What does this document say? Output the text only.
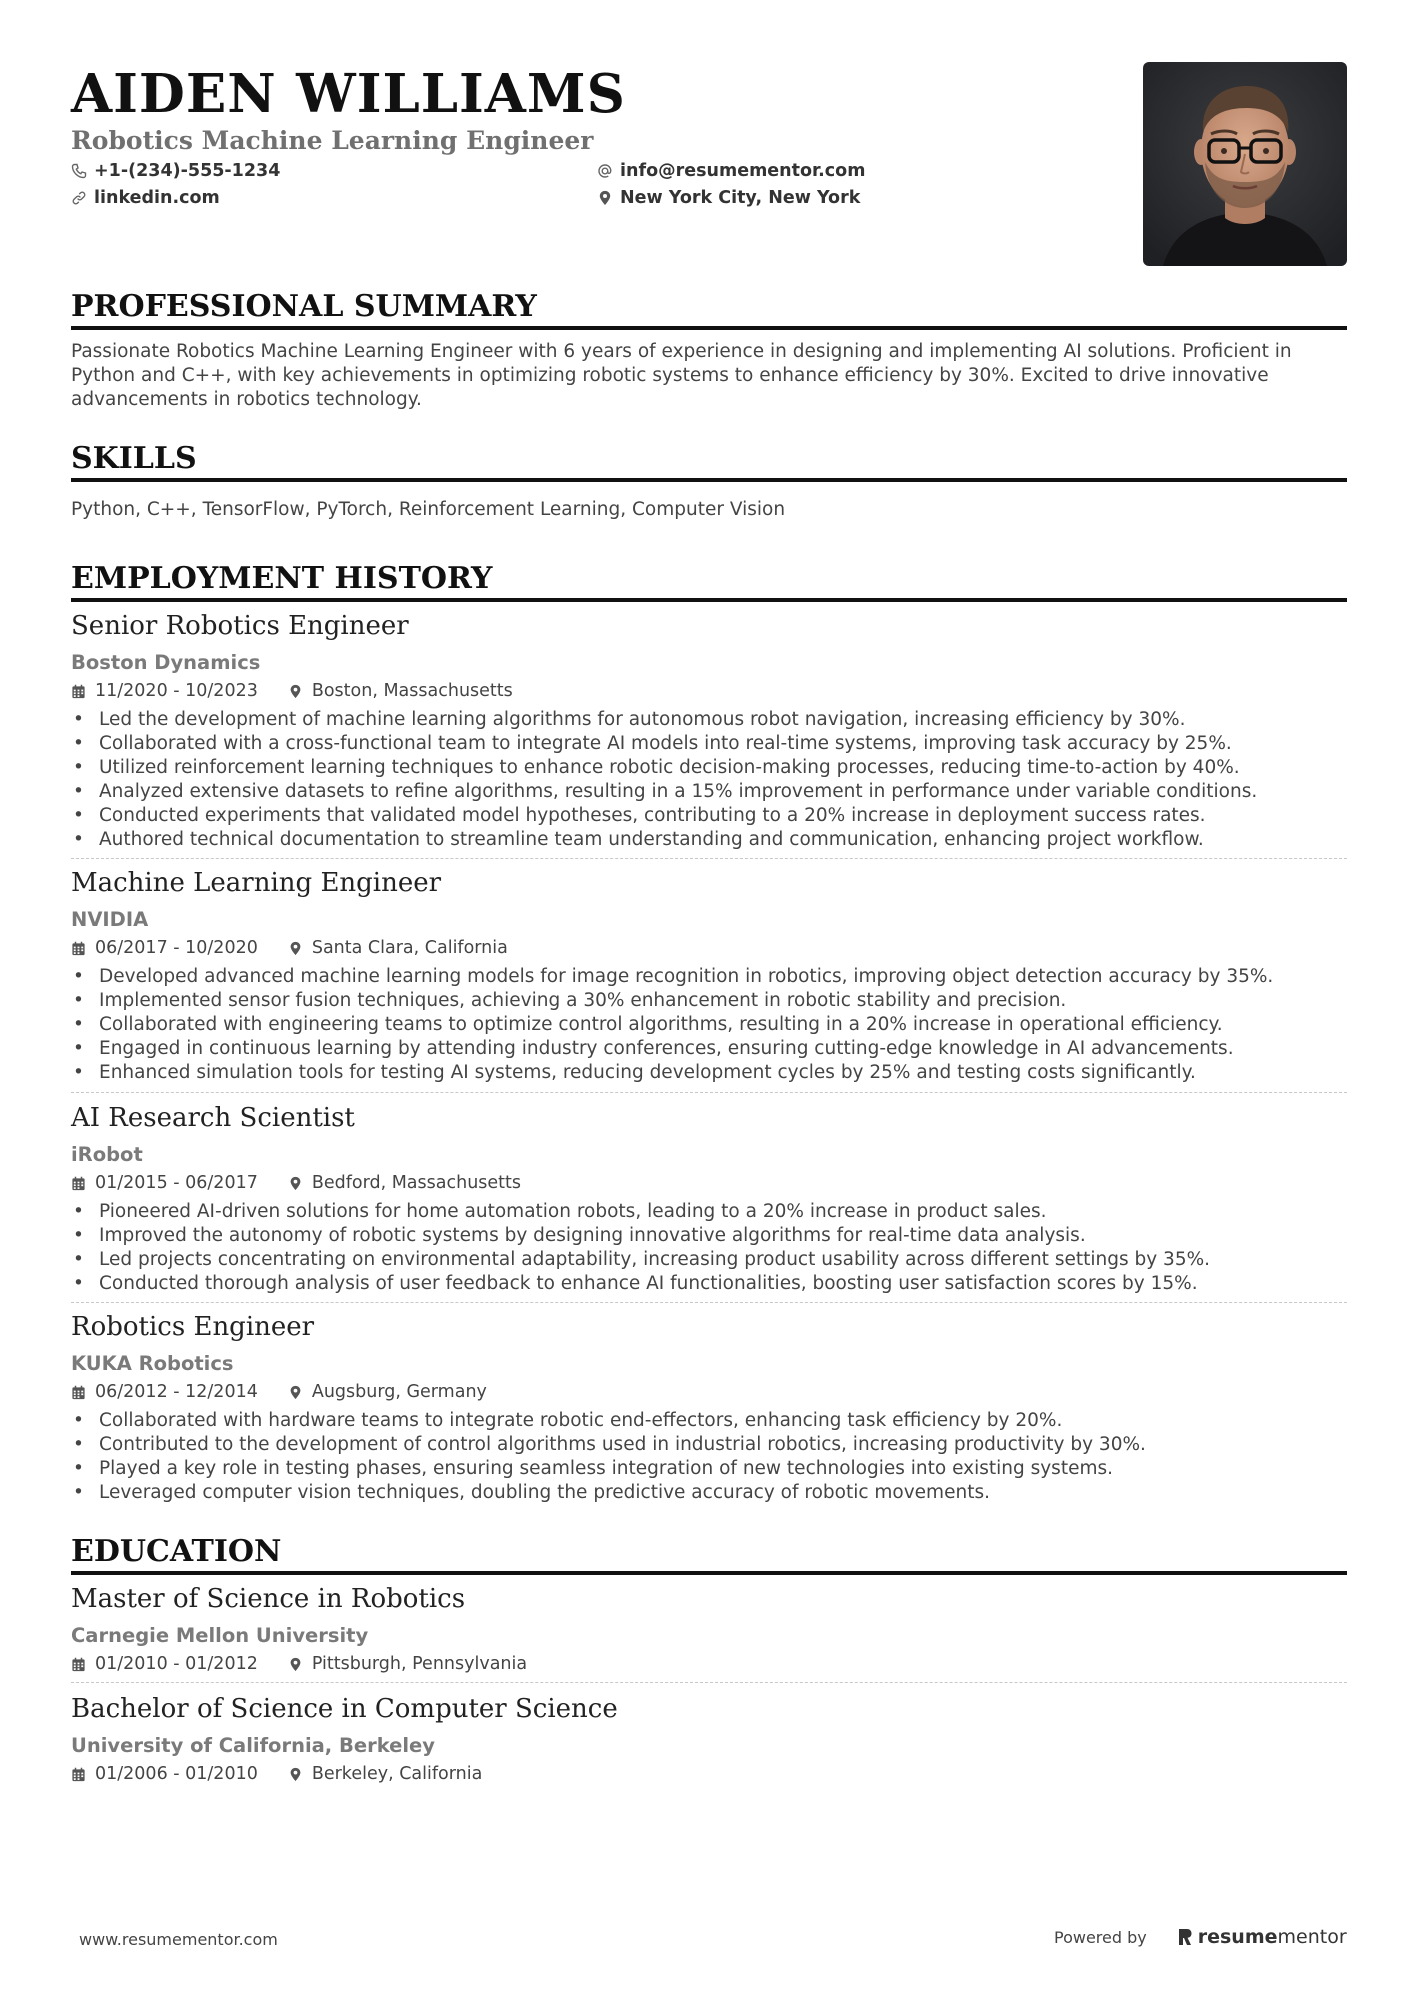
AIDEN WILLIAMS
Robotics Machine Learning Engineer
+1-(234)-555-1234
linkedin.com
info@resumementor.com
New York City, New York
PROFESSIONAL SUMMARY

Passionate Robotics Machine Learning Engineer with 6 years of experience in designing and implementing AI solutions. Proficient in Python and C++, with key achievements in optimizing robotic systems to enhance efficiency by 30%. Excited to drive innovative advancements in robotics technology.

SKILLS

Python, C++, TensorFlow, PyTorch, Reinforcement Learning, Computer Vision

EMPLOYMENT HISTORY
Senior Robotics Engineer
Boston Dynamics
11/2020 - 10/2023	Boston, Massachusetts
• Led the development of machine learning algorithms for autonomous robot navigation, increasing efficiency by 30%.
• Collaborated with a cross-functional team to integrate AI models into real-time systems, improving task accuracy by 25%.
• Utilized reinforcement learning techniques to enhance robotic decision-making processes, reducing time-to-action by 40%.
• Analyzed extensive datasets to refine algorithms, resulting in a 15% improvement in performance under variable conditions.
• Conducted experiments that validated model hypotheses, contributing to a 20% increase in deployment success rates.
• Authored technical documentation to streamline team understanding and communication, enhancing project workflow.
Machine Learning Engineer
NVIDIA
06/2017 - 10/2020	Santa Clara, California
• Developed advanced machine learning models for image recognition in robotics, improving object detection accuracy by 35%.
• Implemented sensor fusion techniques, achieving a 30% enhancement in robotic stability and precision.
• Collaborated with engineering teams to optimize control algorithms, resulting in a 20% increase in operational efficiency.
• Engaged in continuous learning by attending industry conferences, ensuring cutting-edge knowledge in AI advancements.
• Enhanced simulation tools for testing AI systems, reducing development cycles by 25% and testing costs significantly.
AI Research Scientist
iRobot
01/2015 - 06/2017	Bedford, Massachusetts
• Pioneered AI-driven solutions for home automation robots, leading to a 20% increase in product sales.
• Improved the autonomy of robotic systems by designing innovative algorithms for real-time data analysis.
• Led projects concentrating on environmental adaptability, increasing product usability across different settings by 35%.
• Conducted thorough analysis of user feedback to enhance AI functionalities, boosting user satisfaction scores by 15%.
Robotics Engineer
KUKA Robotics
06/2012 - 12/2014	Augsburg, Germany
• Collaborated with hardware teams to integrate robotic end-effectors, enhancing task efficiency by 20%.
• Contributed to the development of control algorithms used in industrial robotics, increasing productivity by 30%.
• Played a key role in testing phases, ensuring seamless integration of new technologies into existing systems.
• Leveraged computer vision techniques, doubling the predictive accuracy of robotic movements.
EDUCATION
Master of Science in Robotics
Carnegie Mellon University
01/2010 - 01/2012	Pittsburgh, Pennsylvania
Bachelor of Science in Computer Science
University of California, Berkeley
01/2006 - 01/2010	Berkeley, California
www.resumementor.com	Powered by	resume mentor
